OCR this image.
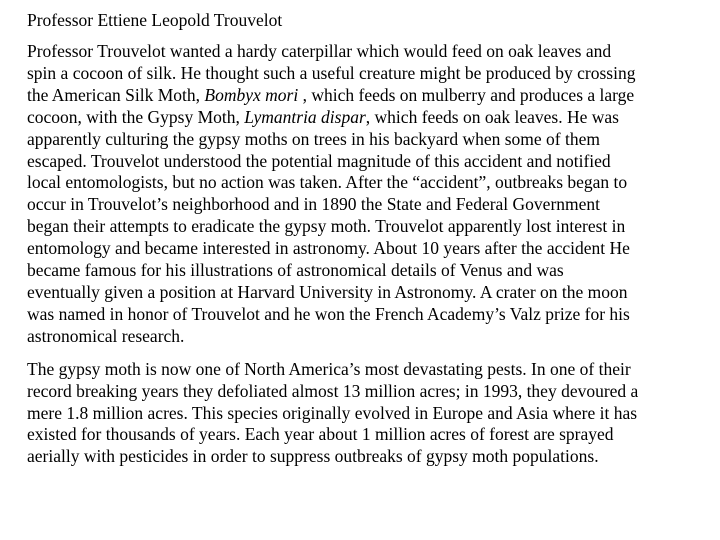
Professor Ettiene Leopold Trouvelot

Professor Trouvelot wanted a hardy caterpillar which would feed on oak leaves and
spin a cocoon of silk. He thought such a useful creature might be produced by crossing
the American Silk Moth, Bombyx mori , which feeds on mulberry and produces a large
cocoon, with the Gypsy Moth, Lymantria dispar, which feeds on oak leaves. He was
apparently culturing the gypsy moths on trees in his backyard when some of them
escaped. Trouvelot understood the potential magnitude of this accident and notified
local entomologists, but no action was taken. After the “accident”, outbreaks began to
occur in Trouvelot’s neighborhood and in 1890 the State and Federal Government
began their attempts to eradicate the gypsy moth. Trouvelot apparently lost interest in
entomology and became interested in astronomy. About 10 years after the accident He
became famous for his illustrations of astronomical details of Venus and was
eventually given a position at Harvard University in Astronomy. A crater on the moon
was named in honor of Trouvelot and he won the French Academy’s Valz prize for his
astronomical research.

The gypsy moth is now one of North America’s most devastating pests. In one of their
record breaking years they defoliated almost 13 million acres; in 1993, they devoured a
mere 1.8 million acres. This species originally evolved in Europe and Asia where it has
existed for thousands of years. Each year about 1 million acres of forest are sprayed
aerially with pesticides in order to suppress outbreaks of gypsy moth populations.
